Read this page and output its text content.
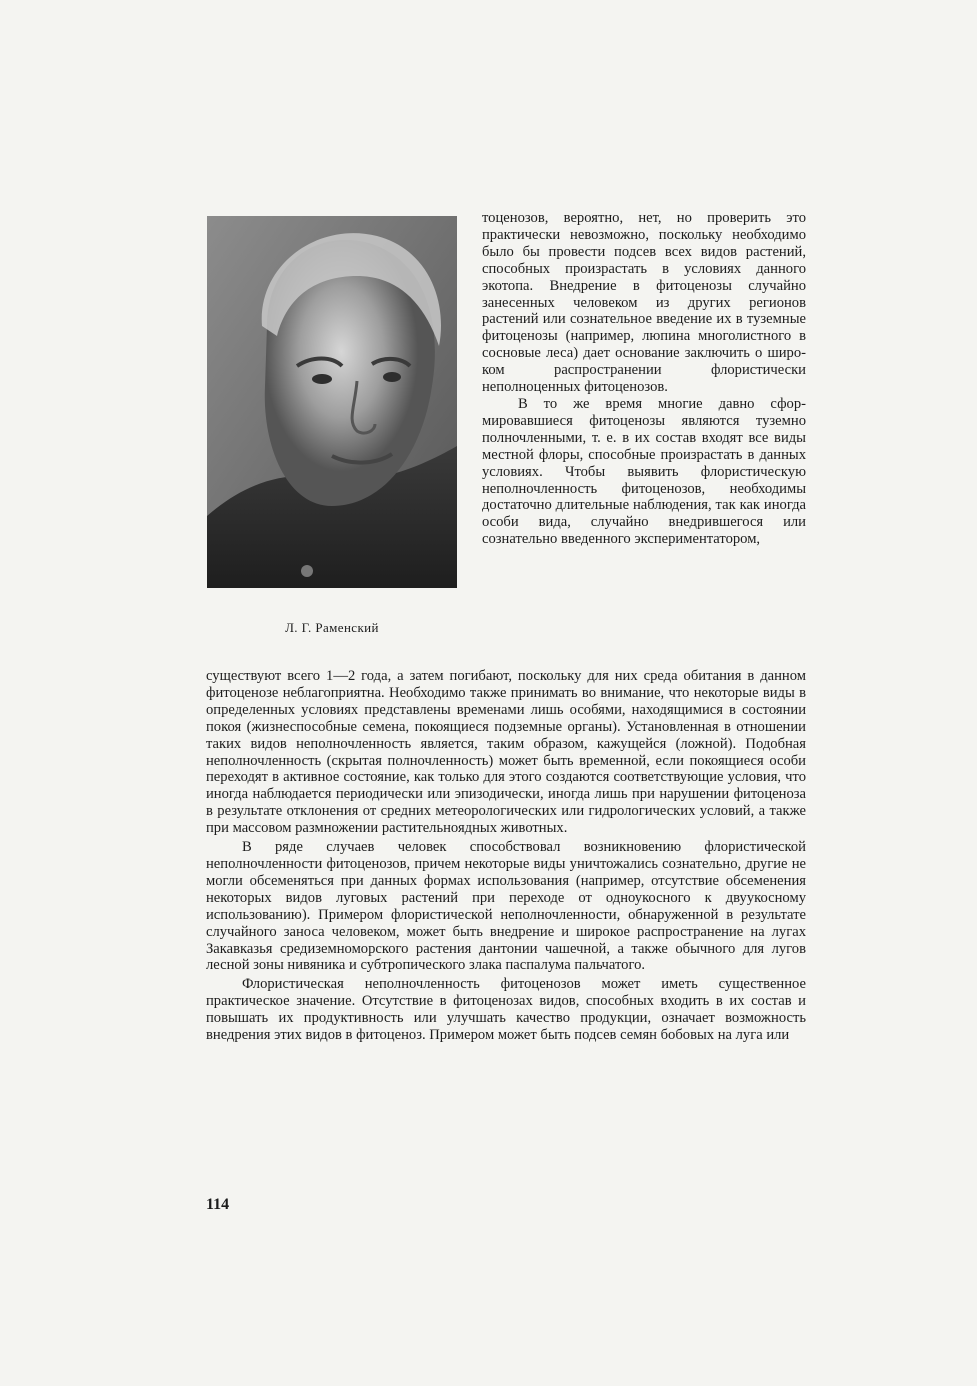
Л. Г. Раменский

тоценозов, вероятно, нет, но проверить это практически невозможно, поскольку необходимо было бы провести подсев всех видов растений, способных произрастать в условиях данного экотопа. Внедрение в фитоценозы случайно занесенных человеком из других регионов растений или сознательное введение их в туземные фитоценозы (например, люпина многолистного в сосновые леса) дает основание заключить о широком распространении флористически неполноценных фитоценозов.

В то же время многие давно сформировавшиеся фитоценозы являются туземно полночленными, т. е. в их состав входят все виды местной флоры, способные произрастать в данных условиях. Чтобы выявить флористическую неполночленность фитоценозов, необходимы достаточно длительные наблюдения, так как иногда особи вида, случайно внедрившегося или сознательно введенного экспериментатором,

существуют всего 1—2 года, а затем погибают, поскольку для них среда обитания в данном фитоценозе неблагоприятна. Необходимо также принимать во внимание, что некоторые виды в определенных условиях представлены временами лишь особями, находящимися в состоянии покоя (жизнеспособные семена, покоящиеся подземные органы). Установленная в отношении таких видов неполночленность является, таким образом, кажущейся (ложной). Подобная неполночленность (скрытая полночленность) может быть временной, если покоящиеся особи переходят в активное состояние, как только для этого создаются соответствующие условия, что иногда наблюдается периодически или эпизодически, иногда лишь при нарушении фитоценоза в результате отклонения от средних метеорологических или гидрологических условий, а также при массовом размножении растительноядных животных.

В ряде случаев человек способствовал возникновению флористической неполночленности фитоценозов, причем некоторые виды уничтожались сознательно, другие не могли обсеменяться при данных формах использования (например, отсутствие обсеменения некоторых видов луговых растений при переходе от одноукосного к двуукосному использованию). Примером флористической неполночленности, обнаруженной в результате случайного заноса человеком, может быть внедрение и широкое распространение на лугах Закавказья средиземноморского растения дантонии чашечной, а также обычного для лугов лесной зоны нивяника и субтропического злака паспалума пальчатого.

Флористическая неполночленность фитоценозов может иметь существенное практическое значение. Отсутствие в фитоценозах видов, способных входить в их состав и повышать их продуктивность или улучшать качество продукции, означает возможность внедрения этих видов в фитоценоз. Примером может быть подсев семян бобовых на луга или

114
